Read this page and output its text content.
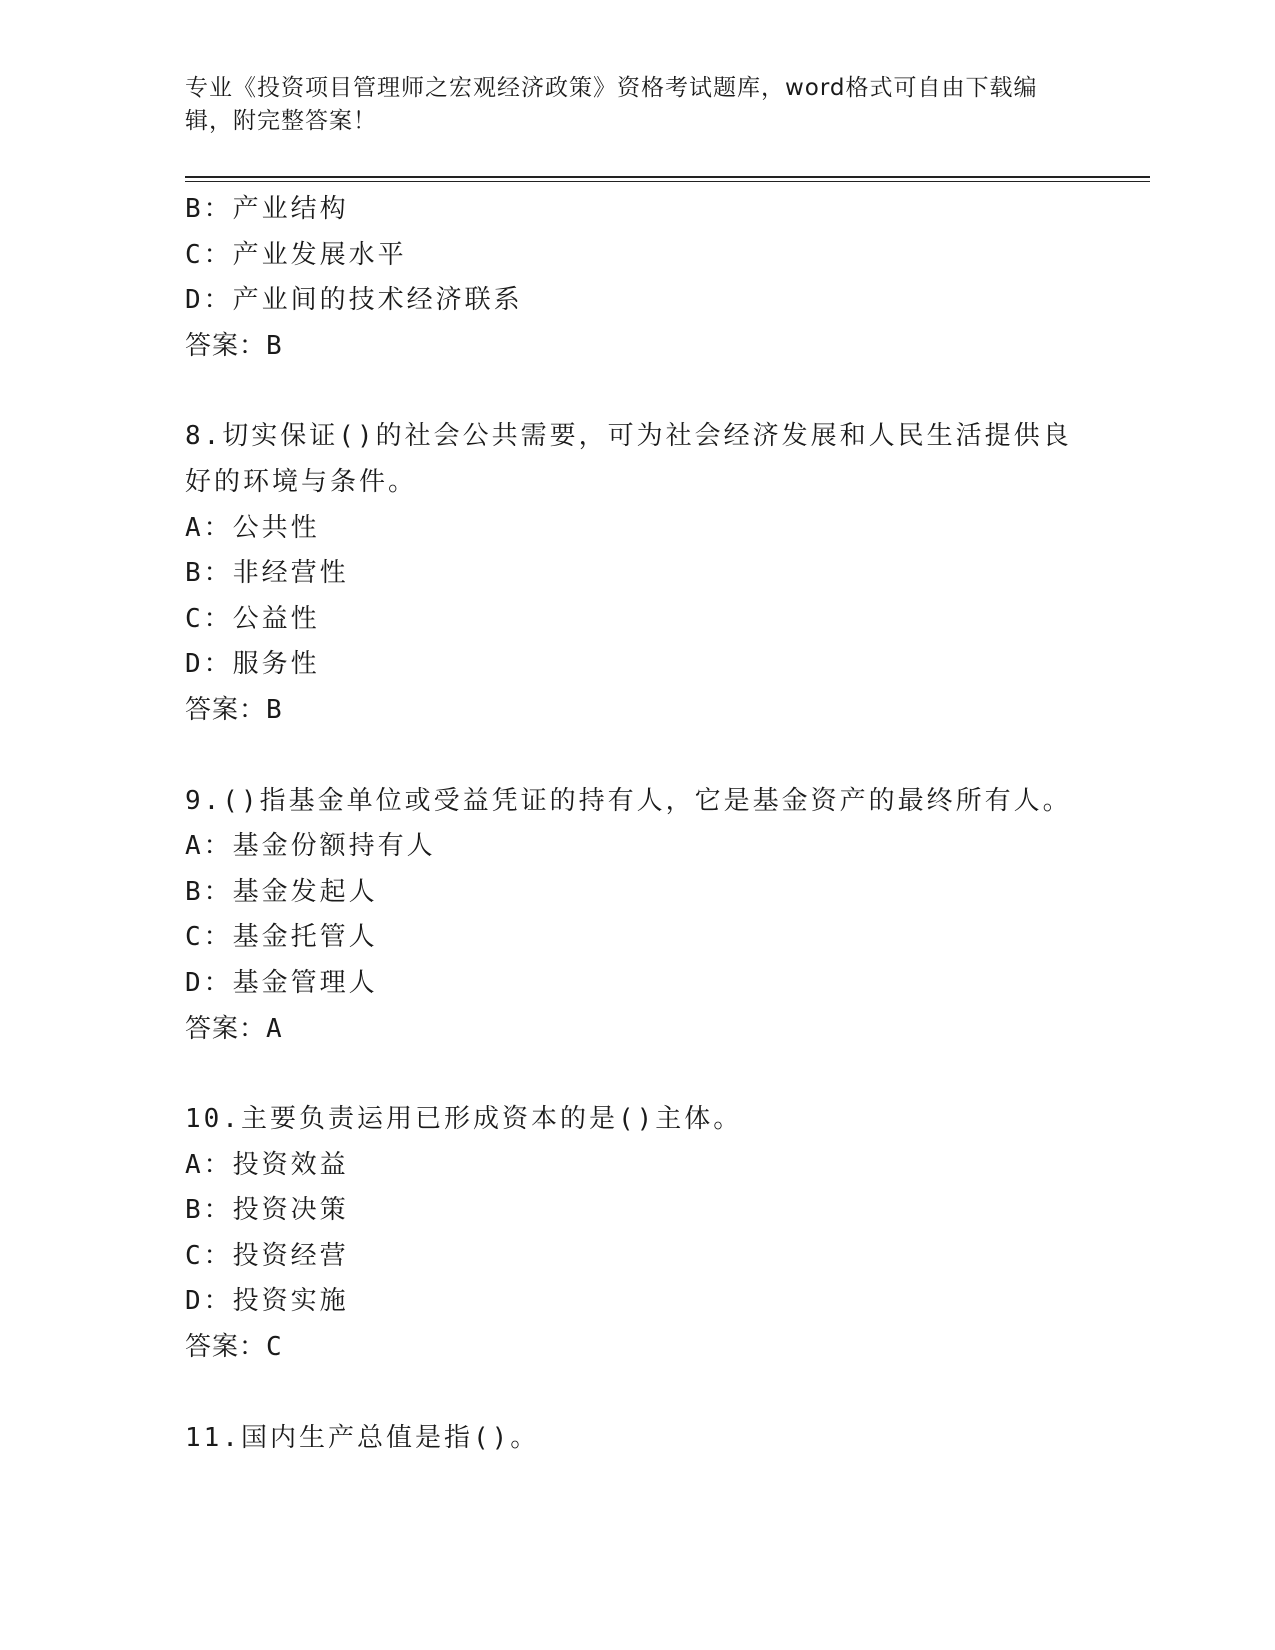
专业《投资项目管理师之宏观经济政策》资格考试题库，word格式可自由下载编
辑，附完整答案！
B：产业结构
C：产业发展水平
D：产业间的技术经济联系
答案：B
8.切实保证()的社会公共需要，可为社会经济发展和人民生活提供良
好的环境与条件。
A：公共性
B：非经营性
C：公益性
D：服务性
答案：B
9.()指基金单位或受益凭证的持有人，它是基金资产的最终所有人。
A：基金份额持有人
B：基金发起人
C：基金托管人
D：基金管理人
答案：A
10.主要负责运用已形成资本的是()主体。
A：投资效益
B：投资决策
C：投资经营
D：投资实施
答案：C
11.国内生产总值是指()。
